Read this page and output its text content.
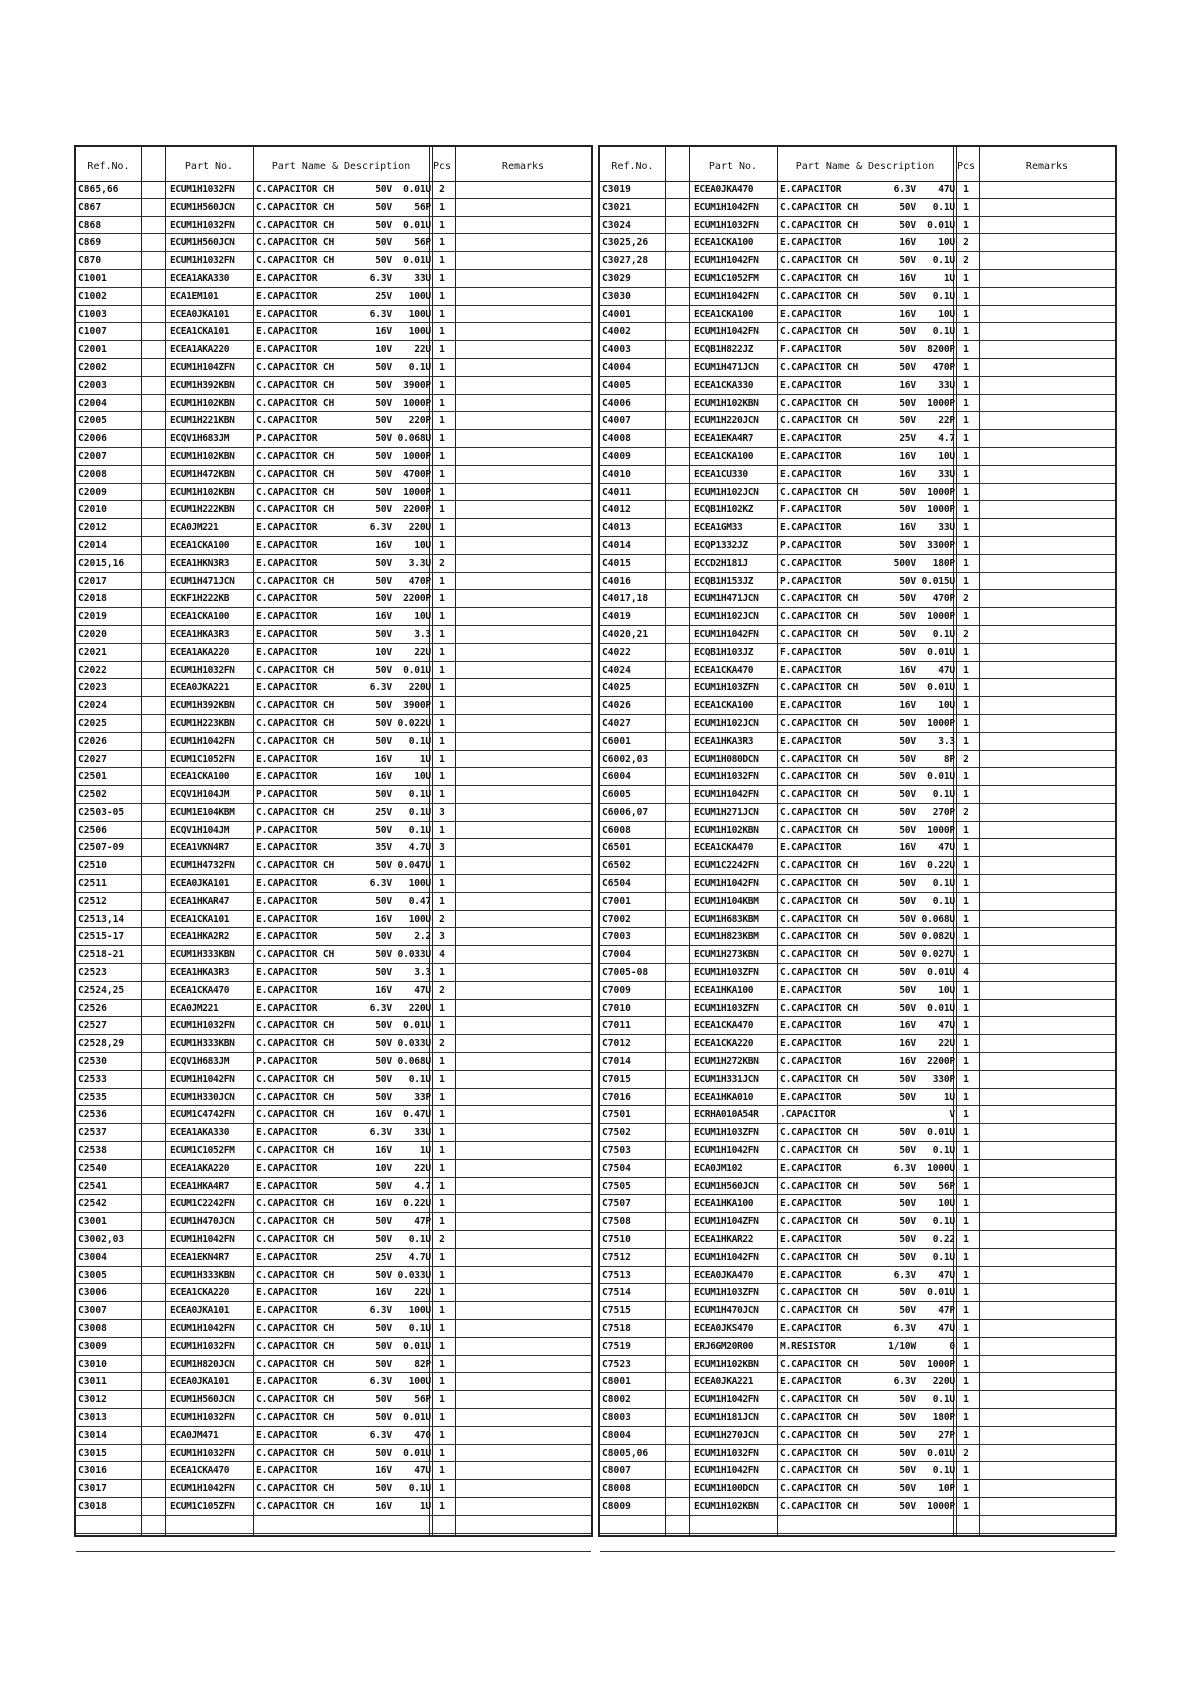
Ref.No.	Part No.	Part Name & Description	Pcs	Remarks
C865,66	ECUM1H1032FN	C.CAPACITOR CH	50V  0.01U 2
C867	ECUM1H560JCN	C.CAPACITOR CH	50V    56P 1
C868	ECUM1H1032FN	C.CAPACITOR CH	50V  0.01U 1
C869	ECUM1H560JCN	C.CAPACITOR CH	50V    56P 1
C870	ECUM1H1032FN	C.CAPACITOR CH	50V  0.01U 1
C1001	ECEA1AKA330	E.CAPACITOR	6.3V    33U 1
C1002	ECA1EM101	E.CAPACITOR	25V   100U 1
C1003	ECEA0JKA101	E.CAPACITOR	6.3V   100U 1
C1007	ECEA1CKA101	E.CAPACITOR	16V   100U 1
C2001	ECEA1AKA220	E.CAPACITOR	10V    22U 1
C2002	ECUM1H104ZFN	C.CAPACITOR CH	50V   0.1U 1
C2003	ECUM1H392KBN	C.CAPACITOR CH	50V  3900P 1
C2004	ECUM1H102KBN	C.CAPACITOR CH	50V  1000P 1
C2005	ECUM1H221KBN	C.CAPACITOR	50V   220P 1
C2006	ECQV1H683JM	P.CAPACITOR	50V 0.068U 1
C2007	ECUM1H102KBN	C.CAPACITOR CH	50V  1000P 1
C2008	ECUM1H472KBN	C.CAPACITOR CH	50V  4700P 1
C2009	ECUM1H102KBN	C.CAPACITOR CH	50V  1000P 1
C2010	ECUM1H222KBN	C.CAPACITOR CH	50V  2200P 1
C2012	ECA0JM221	E.CAPACITOR	6.3V   220U 1
C2014	ECEA1CKA100	E.CAPACITOR	16V    10U 1
C2015,16	ECEA1HKN3R3	E.CAPACITOR	50V   3.3U 2
C2017	ECUM1H471JCN	C.CAPACITOR CH	50V   470P 1
C2018	ECKF1H222KB	C.CAPACITOR	50V  2200P 1
C2019	ECEA1CKA100	E.CAPACITOR	16V    10U 1
C2020	ECEA1HKA3R3	E.CAPACITOR	50V    3.3 1
C2021	ECEA1AKA220	E.CAPACITOR	10V    22U 1
C2022	ECUM1H1032FN	C.CAPACITOR CH	50V  0.01U 1
C2023	ECEA0JKA221	E.CAPACITOR	6.3V   220U 1
C2024	ECUM1H392KBN	C.CAPACITOR CH	50V  3900P 1
C2025	ECUM1H223KBN	C.CAPACITOR CH	50V 0.022U 1
C2026	ECUM1H1042FN	C.CAPACITOR CH	50V   0.1U 1
C2027	ECUM1C1052FN	E.CAPACITOR	16V     1U 1
C2501	ECEA1CKA100	E.CAPACITOR	16V    10U 1
C2502	ECQV1H104JM	P.CAPACITOR	50V   0.1U 1
C2503-05	ECUM1E104KBM	C.CAPACITOR CH	25V   0.1U 3
C2506	ECQV1H104JM	P.CAPACITOR	50V   0.1U 1
C2507-09	ECEA1VKN4R7	E.CAPACITOR	35V   4.7U 3
C2510	ECUM1H4732FN	C.CAPACITOR CH	50V 0.047U 1
C2511	ECEA0JKA101	E.CAPACITOR	6.3V   100U 1
C2512	ECEA1HKAR47	E.CAPACITOR	50V   0.47 1
C2513,14	ECEA1CKA101	E.CAPACITOR	16V   100U 2
C2515-17	ECEA1HKA2R2	E.CAPACITOR	50V    2.2 3
C2518-21	ECUM1H333KBN	C.CAPACITOR CH	50V 0.033U 4
C2523	ECEA1HKA3R3	E.CAPACITOR	50V    3.3 1
C2524,25	ECEA1CKA470	E.CAPACITOR	16V    47U 2
C2526	ECA0JM221	E.CAPACITOR	6.3V   220U 1
C2527	ECUM1H1032FN	C.CAPACITOR CH	50V  0.01U 1
C2528,29	ECUM1H333KBN	C.CAPACITOR CH	50V 0.033U 2
C2530	ECQV1H683JM	P.CAPACITOR	50V 0.068U 1
C2533	ECUM1H1042FN	C.CAPACITOR CH	50V   0.1U 1
C2535	ECUM1H330JCN	C.CAPACITOR CH	50V    33P 1
C2536	ECUM1C4742FN	C.CAPACITOR CH	16V  0.47U 1
C2537	ECEA1AKA330	E.CAPACITOR	6.3V    33U 1
C2538	ECUM1C1052FM	C.CAPACITOR CH	16V     1U 1
C2540	ECEA1AKA220	E.CAPACITOR	10V    22U 1
C2541	ECEA1HKA4R7	E.CAPACITOR	50V    4.7 1
C2542	ECUM1C2242FN	C.CAPACITOR CH	16V  0.22U 1
C3001	ECUM1H470JCN	C.CAPACITOR CH	50V    47P 1
C3002,03	ECUM1H1042FN	C.CAPACITOR CH	50V   0.1U 2
C3004	ECEA1EKN4R7	E.CAPACITOR	25V   4.7U 1
C3005	ECUM1H333KBN	C.CAPACITOR CH	50V 0.033U 1
C3006	ECEA1CKA220	E.CAPACITOR	16V    22U 1
C3007	ECEA0JKA101	E.CAPACITOR	6.3V   100U 1
C3008	ECUM1H1042FN	C.CAPACITOR CH	50V   0.1U 1
C3009	ECUM1H1032FN	C.CAPACITOR CH	50V  0.01U 1
C3010	ECUM1H820JCN	C.CAPACITOR CH	50V    82P 1
C3011	ECEA0JKA101	E.CAPACITOR	6.3V   100U 1
C3012	ECUM1H560JCN	C.CAPACITOR CH	50V    56P 1
C3013	ECUM1H1032FN	C.CAPACITOR CH	50V  0.01U 1
C3014	ECA0JM471	E.CAPACITOR	6.3V    470 1
C3015	ECUM1H1032FN	C.CAPACITOR CH	50V  0.01U 1
C3016	ECEA1CKA470	E.CAPACITOR	16V    47U 1
C3017	ECUM1H1042FN	C.CAPACITOR CH	50V   0.1U 1
C3018	ECUM1C105ZFN	C.CAPACITOR CH	16V     1U 1
Ref.No.	Part No.	Part Name & Description	Pcs	Remarks
C3019	ECEA0JKA470	E.CAPACITOR	6.3V    47U 1
C3021	ECUM1H1042FN	C.CAPACITOR CH	50V   0.1U 1
C3024	ECUM1H1032FN	C.CAPACITOR CH	50V  0.01U 1
C3025,26	ECEA1CKA100	E.CAPACITOR	16V    10U 2
C3027,28	ECUM1H1042FN	C.CAPACITOR CH	50V   0.1U 2
C3029	ECUM1C1052FM	C.CAPACITOR CH	16V     1U 1
C3030	ECUM1H1042FN	C.CAPACITOR CH	50V   0.1U 1
C4001	ECEA1CKA100	E.CAPACITOR	16V    10U 1
C4002	ECUM1H1042FN	C.CAPACITOR CH	50V   0.1U 1
C4003	ECQB1H822JZ	F.CAPACITOR	50V  8200P 1
C4004	ECUM1H471JCN	C.CAPACITOR CH	50V   470P 1
C4005	ECEA1CKA330	E.CAPACITOR	16V    33U 1
C4006	ECUM1H102KBN	C.CAPACITOR CH	50V  1000P 1
C4007	ECUM1H220JCN	C.CAPACITOR CH	50V    22P 1
C4008	ECEA1EKA4R7	E.CAPACITOR	25V    4.7 1
C4009	ECEA1CKA100	E.CAPACITOR	16V    10U 1
C4010	ECEA1CU330	E.CAPACITOR	16V    33U 1
C4011	ECUM1H102JCN	C.CAPACITOR CH	50V  1000P 1
C4012	ECQB1H102KZ	F.CAPACITOR	50V  1000P 1
C4013	ECEA1GM33	E.CAPACITOR	16V    33U 1
C4014	ECQP1332JZ	P.CAPACITOR	50V  3300P 1
C4015	ECCD2H181J	C.CAPACITOR	500V   180P 1
C4016	ECQB1H153JZ	P.CAPACITOR	50V 0.015U 1
C4017,18	ECUM1H471JCN	C.CAPACITOR CH	50V   470P 2
C4019	ECUM1H102JCN	C.CAPACITOR CH	50V  1000P 1
C4020,21	ECUM1H1042FN	C.CAPACITOR CH	50V   0.1U 2
C4022	ECQB1H103JZ	F.CAPACITOR	50V  0.01U 1
C4024	ECEA1CKA470	E.CAPACITOR	16V    47U 1
C4025	ECUM1H103ZFN	C.CAPACITOR CH	50V  0.01U 1
C4026	ECEA1CKA100	E.CAPACITOR	16V    10U 1
C4027	ECUM1H102JCN	C.CAPACITOR CH	50V  1000P 1
C6001	ECEA1HKA3R3	E.CAPACITOR	50V    3.3 1
C6002,03	ECUM1H080DCN	C.CAPACITOR CH	50V     8P 2
C6004	ECUM1H1032FN	C.CAPACITOR CH	50V  0.01U 1
C6005	ECUM1H1042FN	C.CAPACITOR CH	50V   0.1U 1
C6006,07	ECUM1H271JCN	C.CAPACITOR CH	50V   270P 2
C6008	ECUM1H102KBN	C.CAPACITOR CH	50V  1000P 1
C6501	ECEA1CKA470	E.CAPACITOR	16V    47U 1
C6502	ECUM1C2242FN	C.CAPACITOR CH	16V  0.22U 1
C6504	ECUM1H1042FN	C.CAPACITOR CH	50V   0.1U 1
C7001	ECUM1H104KBM	C.CAPACITOR CH	50V   0.1U 1
C7002	ECUM1H683KBM	C.CAPACITOR CH	50V 0.068U 1
C7003	ECUM1H823KBM	C.CAPACITOR CH	50V 0.082U 1
C7004	ECUM1H273KBN	C.CAPACITOR CH	50V 0.027U 1
C7005-08	ECUM1H103ZFN	C.CAPACITOR CH	50V  0.01U 4
C7009	ECEA1HKA100	E.CAPACITOR	50V    10U 1
C7010	ECUM1H103ZFN	C.CAPACITOR CH	50V  0.01U 1
C7011	ECEA1CKA470	E.CAPACITOR	16V    47U 1
C7012	ECEA1CKA220	E.CAPACITOR	16V    22U 1
C7014	ECUM1H272KBN	C.CAPACITOR	16V  2200P 1
C7015	ECUM1H331JCN	C.CAPACITOR CH	50V   330P 1
C7016	ECEA1HKA010	E.CAPACITOR	50V     1U 1
C7501	ECRHA010A54R	.CAPACITOR	V 1
C7502	ECUM1H103ZFN	C.CAPACITOR CH	50V  0.01U 1
C7503	ECUM1H1042FN	C.CAPACITOR CH	50V   0.1U 1
C7504	ECA0JM102	E.CAPACITOR	6.3V  1000U 1
C7505	ECUM1H560JCN	C.CAPACITOR CH	50V    56P 1
C7507	ECEA1HKA100	E.CAPACITOR	50V    10U 1
C7508	ECUM1H104ZFN	C.CAPACITOR CH	50V   0.1U 1
C7510	ECEA1HKAR22	E.CAPACITOR	50V   0.22 1
C7512	ECUM1H1042FN	C.CAPACITOR CH	50V   0.1U 1
C7513	ECEA0JKA470	E.CAPACITOR	6.3V    47U 1
C7514	ECUM1H103ZFN	C.CAPACITOR CH	50V  0.01U 1
C7515	ECUM1H470JCN	C.CAPACITOR CH	50V    47P 1
C7518	ECEA0JKS470	E.CAPACITOR	6.3V    47U 1
C7519	ERJ6GM20R00	M.RESISTOR	1/10W      0 1
C7523	ECUM1H102KBN	C.CAPACITOR CH	50V  1000P 1
C8001	ECEA0JKA221	E.CAPACITOR	6.3V   220U 1
C8002	ECUM1H1042FN	C.CAPACITOR CH	50V   0.1U 1
C8003	ECUM1H181JCN	C.CAPACITOR CH	50V   180P 1
C8004	ECUM1H270JCN	C.CAPACITOR CH	50V    27P 1
C8005,06	ECUM1H1032FN	C.CAPACITOR CH	50V  0.01U 2
C8007	ECUM1H1042FN	C.CAPACITOR CH	50V   0.1U 1
C8008	ECUM1H100DCN	C.CAPACITOR CH	50V    10P 1
C8009	ECUM1H102KBN	C.CAPACITOR CH	50V  1000P 1
